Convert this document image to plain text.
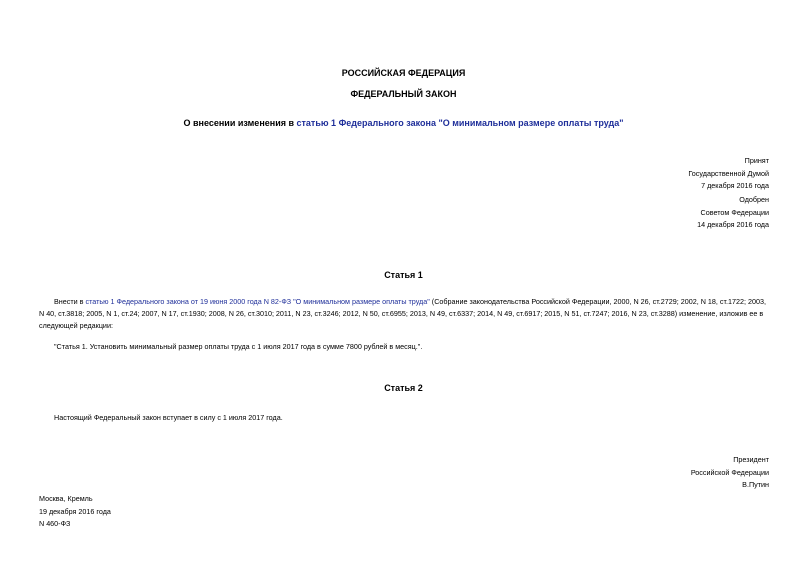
РОССИЙСКАЯ ФЕДЕРАЦИЯ
ФЕДЕРАЛЬНЫЙ ЗАКОН
О внесении изменения в статью 1 Федерального закона "О минимальном размере оплаты труда"
Принят
Государственной Думой
7 декабря 2016 года
Одобрен
Советом Федерации
14 декабря 2016 года
Статья 1
Внести в статью 1 Федерального закона от 19 июня 2000 года N 82-ФЗ "О минимальном размере оплаты труда" (Собрание законодательства Российской Федерации, 2000, N 26, ст.2729; 2002, N 18, ст.1722; 2003, N 40, ст.3818; 2005, N 1, ст.24; 2007, N 17, ст.1930; 2008, N 26, ст.3010; 2011, N 23, ст.3246; 2012, N 50, ст.6955; 2013, N 49, ст.6337; 2014, N 49, ст.6917; 2015, N 51, ст.7247; 2016, N 23, ст.3288) изменение, изложив ее в следующей редакции:
"Статья 1. Установить минимальный размер оплаты труда с 1 июля 2017 года в сумме 7800 рублей в месяц.".
Статья 2
Настоящий Федеральный закон вступает в силу с 1 июля 2017 года.
Президент
Российской Федерации
В.Путин
Москва, Кремль
19 декабря 2016 года
N 460-ФЗ
